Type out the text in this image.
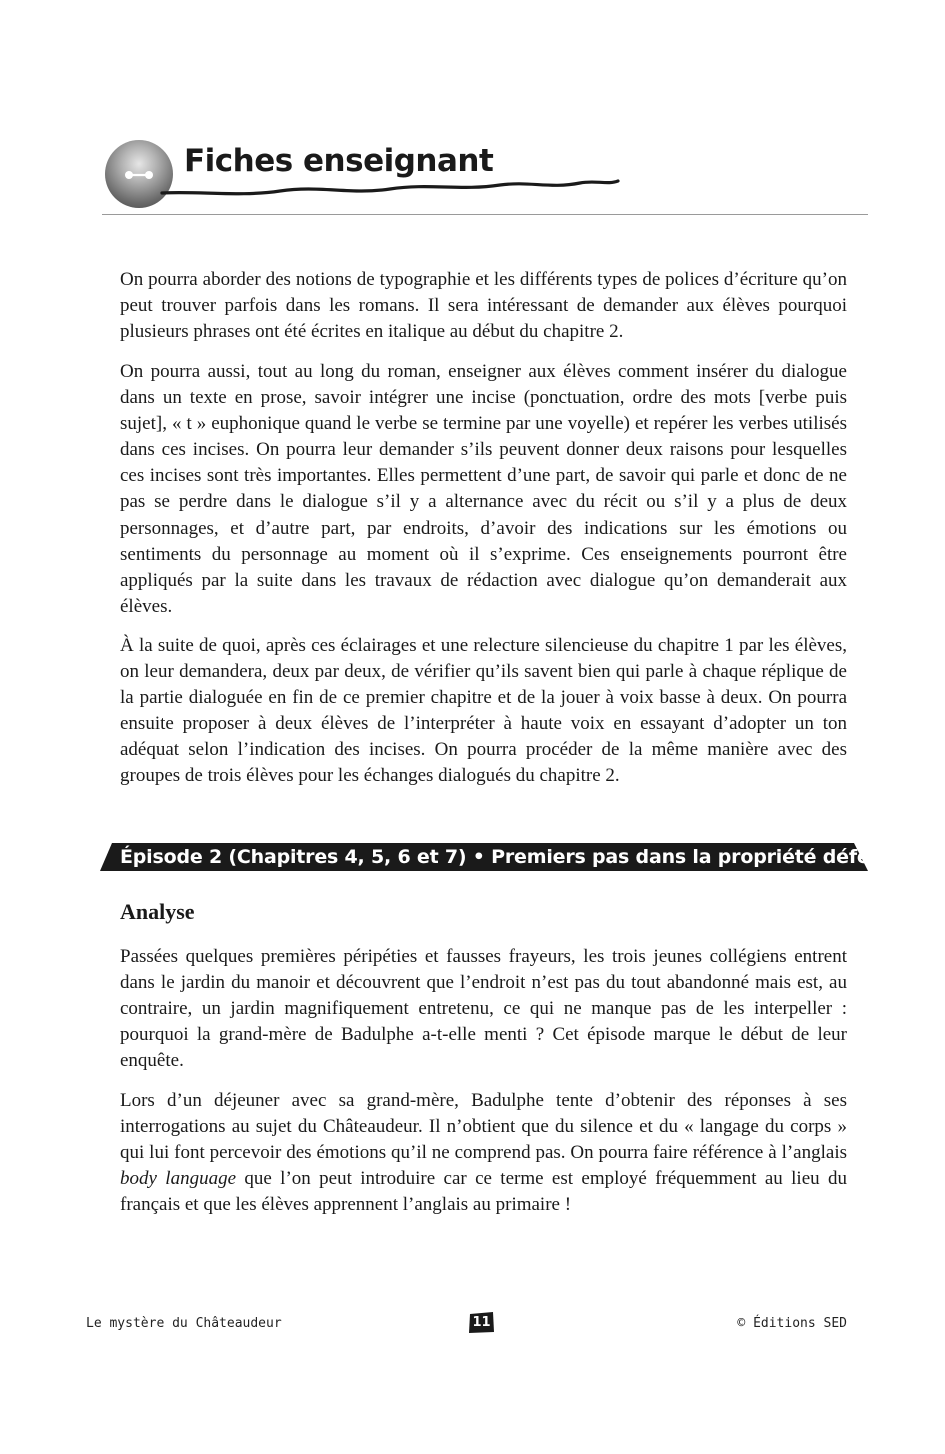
Fiches enseignant

On pourra aborder des notions de typographie et les différents types de polices d’écriture qu’on peut trouver parfois dans les romans. Il sera intéressant de demander aux élèves pourquoi plusieurs phrases ont été écrites en italique au début du chapitre 2.

On pourra aussi, tout au long du roman, enseigner aux élèves comment insérer du dialogue dans un texte en prose, savoir intégrer une incise (ponctuation, ordre des mots [verbe puis sujet], « t » euphonique quand le verbe se termine par une voyelle) et repérer les verbes utilisés dans ces incises. On pourra leur demander s’ils peuvent donner deux raisons pour lesquelles ces incises sont très importantes. Elles permettent d’une part, de savoir qui parle et donc de ne pas se perdre dans le dialogue s’il y a alternance avec du récit ou s’il y a plus de deux personnages, et d’autre part, par endroits, d’avoir des indications sur les émotions ou sentiments du personnage au moment où il s’exprime. Ces enseignements pourront être appliqués par la suite dans les travaux de rédaction avec dialogue qu’on demanderait aux élèves.

À la suite de quoi, après ces éclairages et une relecture silencieuse du chapitre 1 par les élèves, on leur demandera, deux par deux, de vérifier qu’ils savent bien qui parle à chaque réplique de la partie dialoguée en fin de ce premier chapitre et de la jouer à voix basse à deux. On pourra ensuite proposer à deux élèves de l’interpréter à haute voix en essayant d’adopter un ton adéquat selon l’indication des incises. On pourra procéder de la même manière avec des groupes de trois élèves pour les échanges dialogués du chapitre 2.

Épisode 2 (Chapitres 4, 5, 6 et 7) • Premiers pas dans la propriété défendue
Analyse

Passées quelques premières péripéties et fausses frayeurs, les trois jeunes collégiens entrent dans le jardin du manoir et découvrent que l’endroit n’est pas du tout abandonné mais est, au contraire, un jardin magnifiquement entretenu, ce qui ne manque pas de les interpeller : pourquoi la grand-mère de Badulphe a-t-elle menti ? Cet épisode marque le début de leur enquête.

Lors d’un déjeuner avec sa grand-mère, Badulphe tente d’obtenir des réponses à ses interrogations au sujet du Châteaudeur. Il n’obtient que du silence et du « langage du corps » qui lui font percevoir des émotions qu’il ne comprend pas. On pourra faire référence à l’anglais body language que l’on peut introduire car ce terme est employé fréquemment au lieu du français et que les élèves apprennent l’anglais au primaire !

Le mystère du Châteaudeur	11	© Éditions SED
